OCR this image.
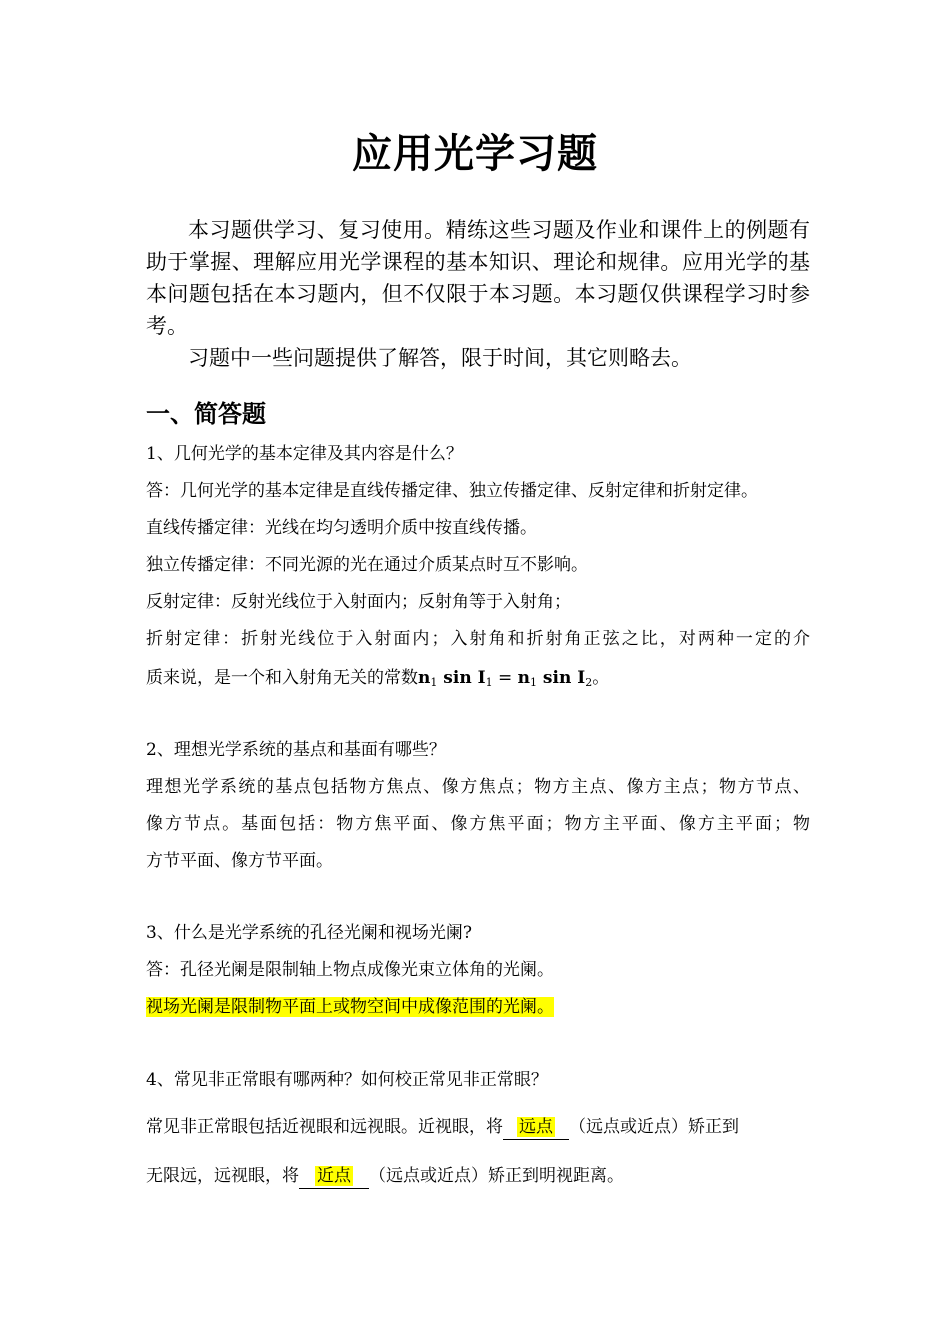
应用光学习题

本习题供学习、复习使用。精练这些习题及作业和课件上的例题有助于掌握、理解应用光学课程的基本知识、理论和规律。应用光学的基本问题包括在本习题内，但不仅限于本习题。本习题仅供课程学习时参考。

习题中一些问题提供了解答，限于时间，其它则略去。

一、简答题
1、几何光学的基本定律及其内容是什么？
答：几何光学的基本定律是直线传播定律、独立传播定律、反射定律和折射定律。
直线传播定律：光线在均匀透明介质中按直线传播。
独立传播定律：不同光源的光在通过介质某点时互不影响。
反射定律：反射光线位于入射面内；反射角等于入射角；
折射定律：折射光线位于入射面内；入射角和折射角正弦之比，对两种一定的介
质来说，是一个和入射角无关的常数$n_1$ $\sin I_1 = n_1$ $\sin I_2$。
2、理想光学系统的基点和基面有哪些？
理想光学系统的基点包括物方焦点、像方焦点；物方主点、像方主点；物方节点、
像方节点。基面包括：物方焦平面、像方焦平面；物方主平面、像方主平面；物
方节平面、像方节平面。
3、什么是光学系统的孔径光阑和视场光阑?
答：孔径光阑是限制轴上物点成像光束立体角的光阑。
视场光阑是限制物平面上或物空间中成像范围的光阑。
4、常见非正常眼有哪两种？如何校正常见非正常眼？
常见非正常眼包括近视眼和远视眼。近视眼，将 远点 （远点或近点）矫正到
无限远，远视眼，将 近点 （远点或近点）矫正到明视距离。
